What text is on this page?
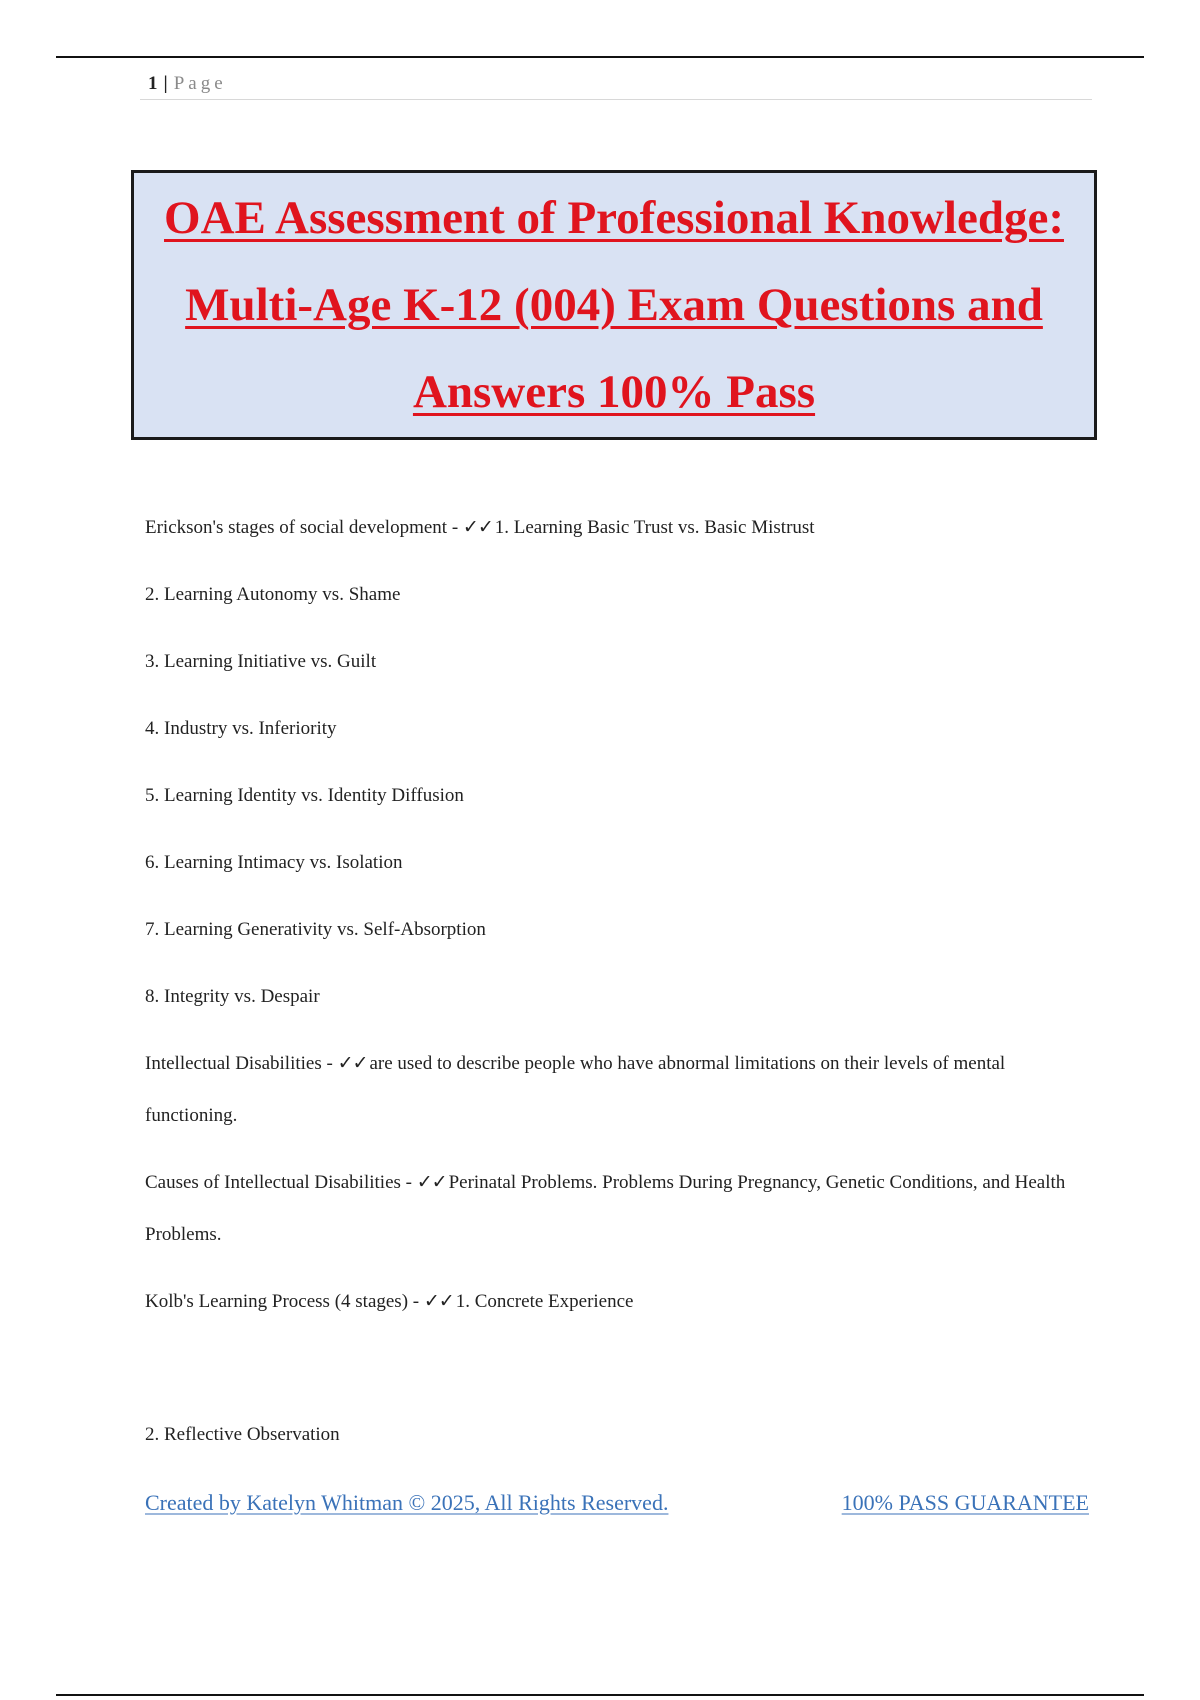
1 | Page
OAE Assessment of Professional Knowledge: Multi-Age K-12 (004) Exam Questions and Answers 100% Pass

Erickson's stages of social development - ✓✓ 1. Learning Basic Trust vs. Basic Mistrust

2. Learning Autonomy vs. Shame

3. Learning Initiative vs. Guilt

4. Industry vs. Inferiority

5. Learning Identity vs. Identity Diffusion

6. Learning Intimacy vs. Isolation

7. Learning Generativity vs. Self-Absorption

8. Integrity vs. Despair

Intellectual Disabilities - ✓✓ are used to describe people who have abnormal limitations on their levels of mental functioning.

Causes of Intellectual Disabilities - ✓✓ Perinatal Problems. Problems During Pregnancy, Genetic Conditions, and Health Problems.

Kolb's Learning Process (4 stages) - ✓✓ 1. Concrete Experience

2. Reflective Observation

Created by Katelyn Whitman © 2025, All Rights Reserved.	100% PASS GUARANTEE
